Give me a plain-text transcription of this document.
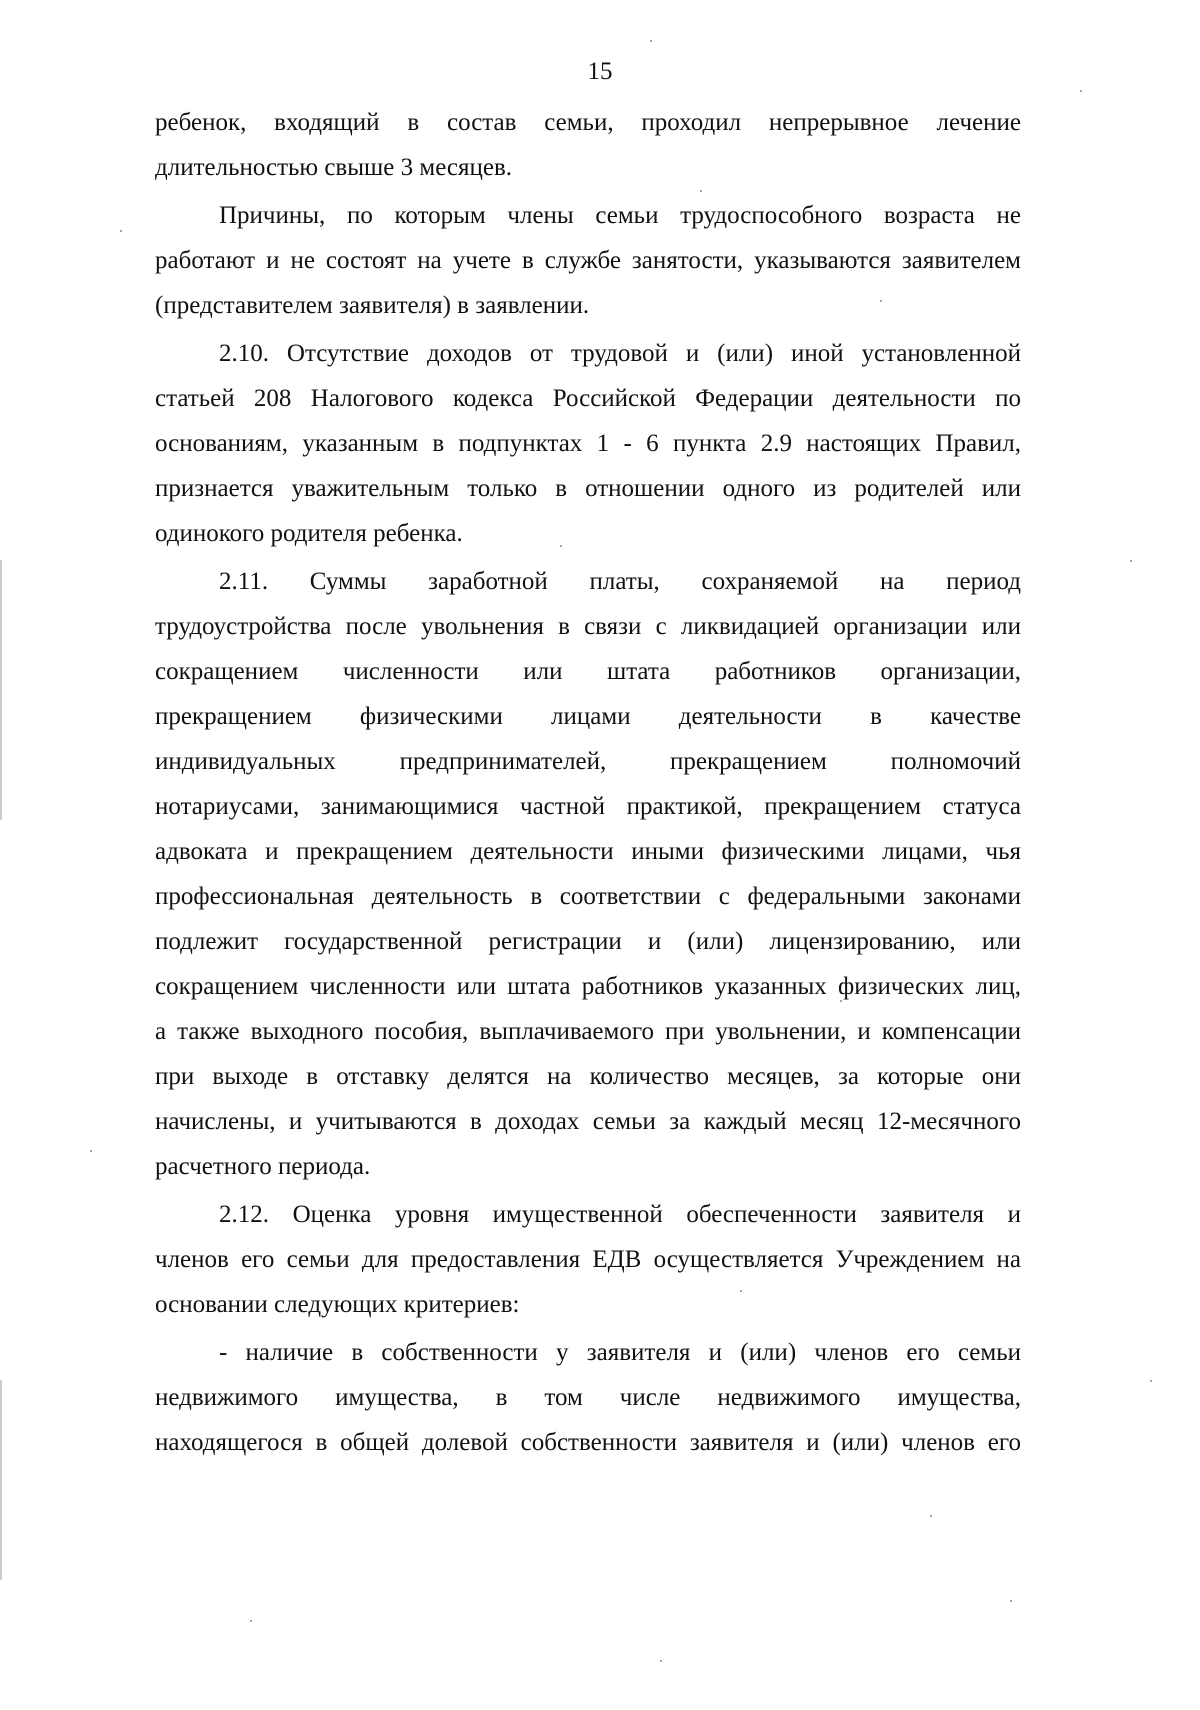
15
ребенок, входящий в состав семьи, проходил непрерывное лечение
длительностью свыше 3 месяцев.
Причины, по которым члены семьи трудоспособного возраста не
работают и не состоят на учете в службе занятости, указываются заявителем
(представителем заявителя) в заявлении.
2.10. Отсутствие доходов от трудовой и (или) иной установленной
статьей 208 Налогового кодекса Российской Федерации деятельности по
основаниям, указанным в подпунктах 1 - 6 пункта 2.9 настоящих Правил,
признается уважительным только в отношении одного из родителей или
одинокого родителя ребенка.
2.11. Суммы заработной платы, сохраняемой на период
трудоустройства после увольнения в связи с ликвидацией организации или
сокращением численности или штата работников организации,
прекращением физическими лицами деятельности в качестве
индивидуальных предпринимателей, прекращением полномочий
нотариусами, занимающимися частной практикой, прекращением статуса
адвоката и прекращением деятельности иными физическими лицами, чья
профессиональная деятельность в соответствии с федеральными законами
подлежит государственной регистрации и (или) лицензированию, или
сокращением численности или штата работников указанных физических лиц,
а также выходного пособия, выплачиваемого при увольнении, и компенсации
при выходе в отставку делятся на количество месяцев, за которые они
начислены, и учитываются в доходах семьи за каждый месяц 12-месячного
расчетного периода.
2.12. Оценка уровня имущественной обеспеченности заявителя и
членов его семьи для предоставления ЕДВ осуществляется Учреждением на
основании следующих критериев:
- наличие в собственности у заявителя и (или) членов его семьи
недвижимого имущества, в том числе недвижимого имущества,
находящегося в общей долевой собственности заявителя и (или) членов его
